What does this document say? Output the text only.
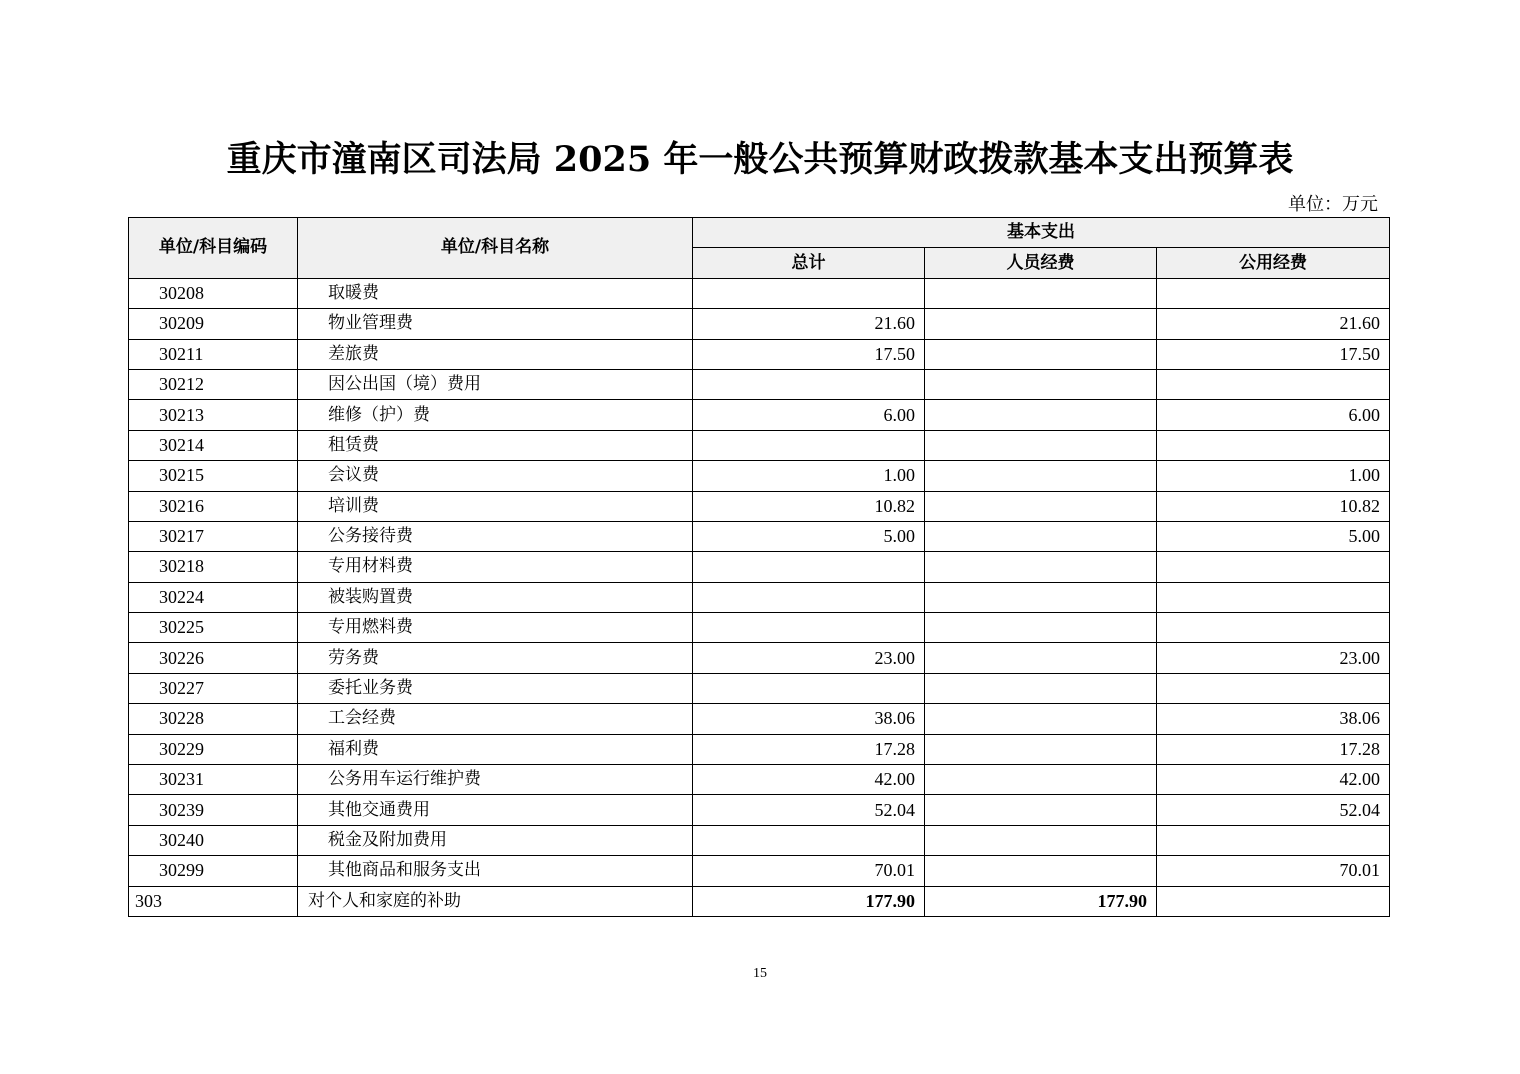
重庆市潼南区司法局 2025 年一般公共预算财政拨款基本支出预算表
单位：万元
单位/科目编码	单位/科目名称	基本支出		
		总计	人员经费	公用经费
30208	取暖费			
30209	物业管理费	21.60		21.60
30211	差旅费	17.50		17.50
30212	因公出国（境）费用			
30213	维修（护）费	6.00		6.00
30214	租赁费			
30215	会议费	1.00		1.00
30216	培训费	10.82		10.82
30217	公务接待费	5.00		5.00
30218	专用材料费			
30224	被装购置费			
30225	专用燃料费			
30226	劳务费	23.00		23.00
30227	委托业务费			
30228	工会经费	38.06		38.06
30229	福利费	17.28		17.28
30231	公务用车运行维护费	42.00		42.00
30239	其他交通费用	52.04		52.04
30240	税金及附加费用			
30299	其他商品和服务支出	70.01		70.01
303	对个人和家庭的补助	177.90	177.90	
15
